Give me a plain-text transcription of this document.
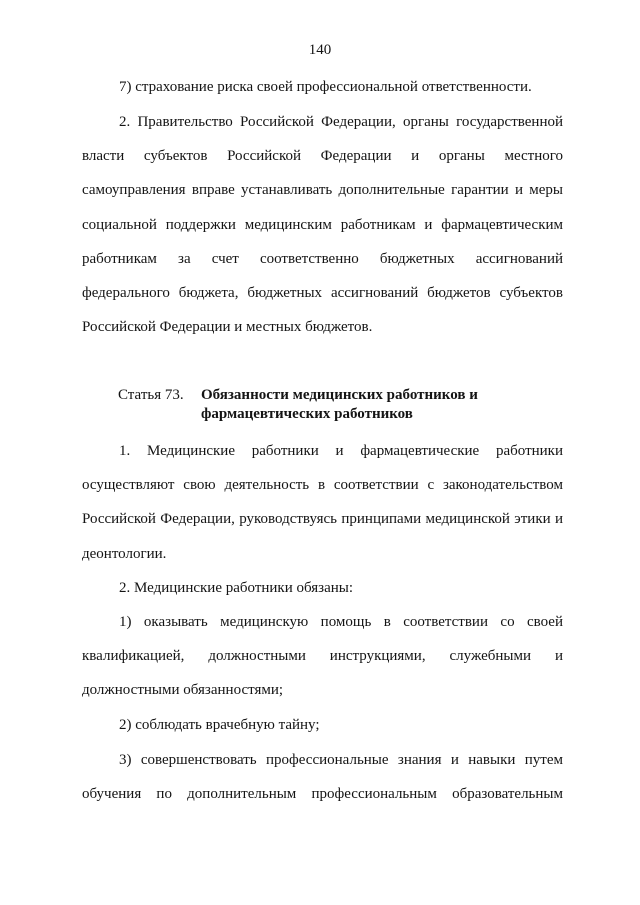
140

7) страхование риска своей профессиональной ответственности.

2. Правительство Российской Федерации, органы государственной власти субъектов Российской Федерации и органы местного самоуправления вправе устанавливать дополнительные гарантии и меры социальной поддержки медицинским работникам и фармацевтическим работникам за счет соответственно бюджетных ассигнований федерального бюджета, бюджетных ассигнований бюджетов субъектов Российской Федерации и местных бюджетов.

Статья 73. Обязанности медицинских работников и фармацевтических работников

1. Медицинские работники и фармацевтические работники осуществляют свою деятельность в соответствии с законодательством Российской Федерации, руководствуясь принципами медицинской этики и деонтологии.

2. Медицинские работники обязаны:

1) оказывать медицинскую помощь в соответствии со своей квалификацией, должностными инструкциями, служебными и должностными обязанностями;

2) соблюдать врачебную тайну;

3) совершенствовать профессиональные знания и навыки путем обучения по дополнительным профессиональным образовательным
